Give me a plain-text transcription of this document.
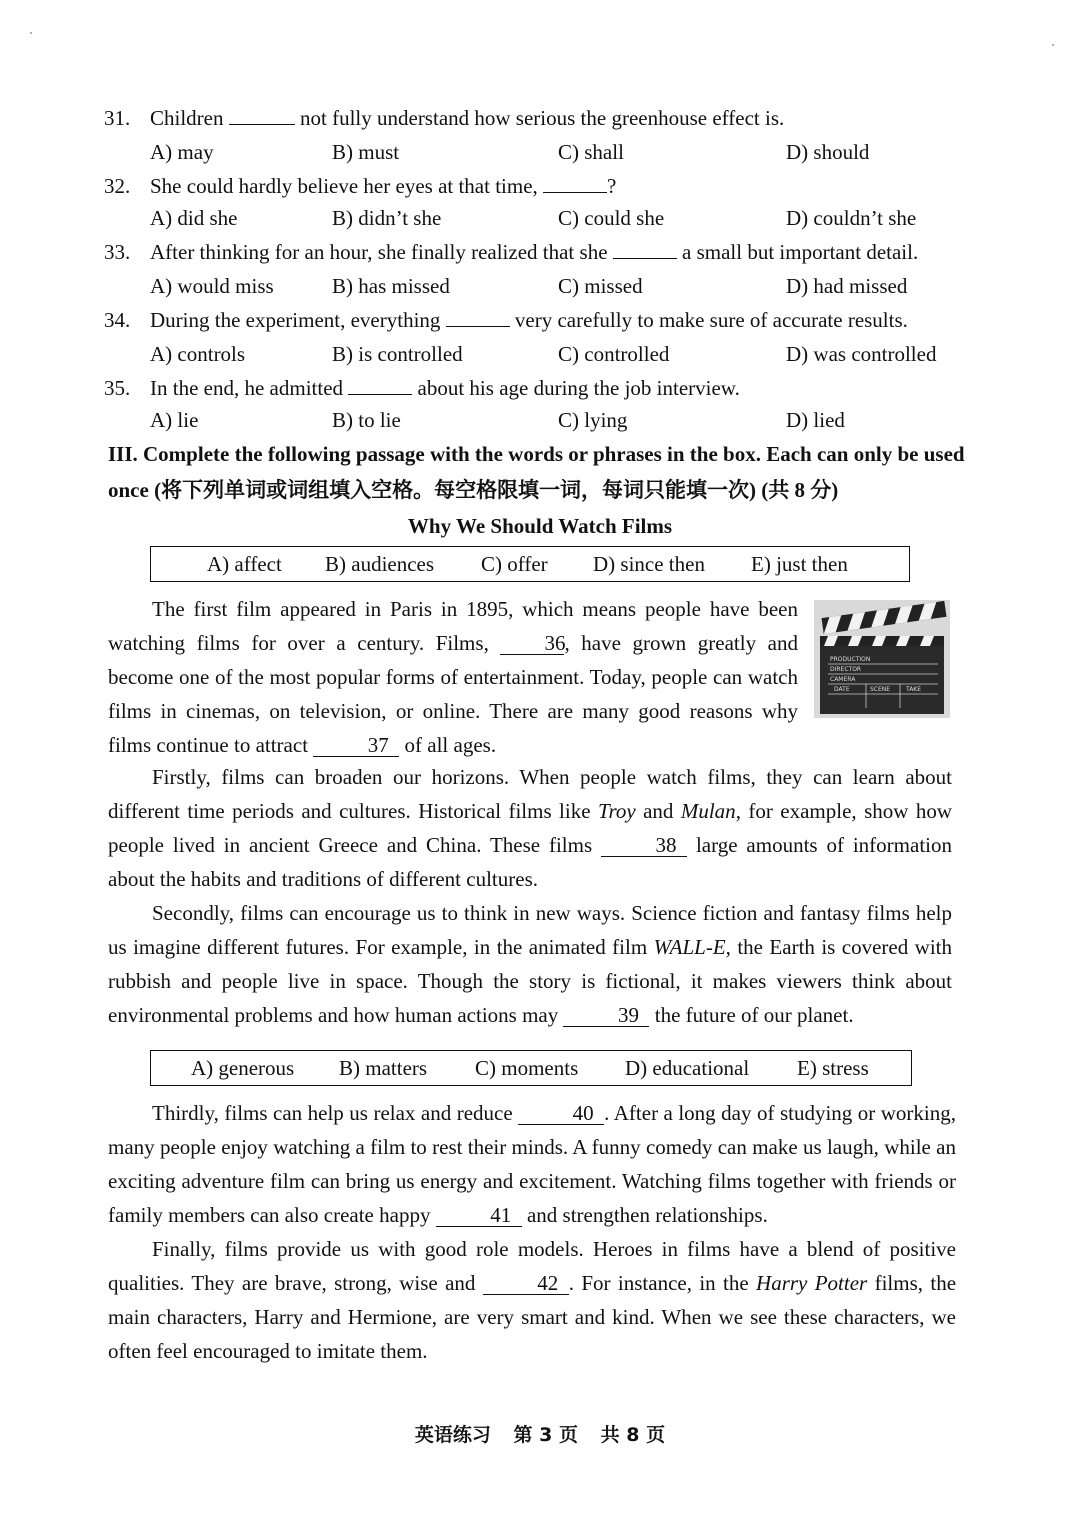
31. Children	not fully understand how serious the greenhouse effect is.
A) may	B) must	C) shall	D) should
32. She could hardly believe her eyes at that time,	?
A) did she	B) didn’t she	C) could she	D) couldn’t she
33. After thinking for an hour, she finally realized that she	a small but important detail.
A) would miss	B) has missed	C) missed	D) had missed
34. During the experiment, everything	very carefully to make sure of accurate results.
A) controls	B) is controlled	C) controlled	D) was controlled
35. In the end, he admitted	about his age during the job interview.
A) lie	B) to lie	C) lying	D) lied
III. Complete the following passage with the words or phrases in the box. Each can only be used once (将下列单词或词组填入空格。每空格限填一词，每词只能填一次) (共 8 分)
Why We Should Watch Films
A) affect B) audiences C) offer D) since then E) just then
PRODUCTION
DIRECTOR
CAMERA
DATE	SCENE	TAKE

The first film appeared in Paris in 1895, which means people have been watching films for over a century. Films,	36, have grown greatly and become one of the most popular forms of entertainment. Today, people can watch films in cinemas, on television, or online. There are many good reasons why films continue to attract	37 of all ages.

Firstly, films can broaden our horizons. When people watch films, they can learn about different time periods and cultures. Historical films like Troy and Mulan, for example, show how people lived in ancient Greece and China. These films	38 large amounts of information about the habits and traditions of different cultures.

Secondly, films can encourage us to think in new ways. Science fiction and fantasy films help us imagine different futures. For example, in the animated film WALL-E, the Earth is covered with rubbish and people live in space. Though the story is fictional, it makes viewers think about environmental problems and how human actions may	39 the future of our planet.

A) generous B) matters C) moments D) educational E) stress

Thirdly, films can help us relax and reduce	40 . After a long day of studying or working, many people enjoy watching a film to rest their minds. A funny comedy can make us laugh, while an exciting adventure film can bring us energy and excitement. Watching films together with friends or family members can also create happy	41 and strengthen relationships.

Finally, films provide us with good role models. Heroes in films have a blend of positive qualities. They are brave, strong, wise and	42 . For instance, in the Harry Potter films, the main characters, Harry and Hermione, are very smart and kind. When we see these characters, we often feel encouraged to imitate them.

英语练习 第 3 页 共 8 页
